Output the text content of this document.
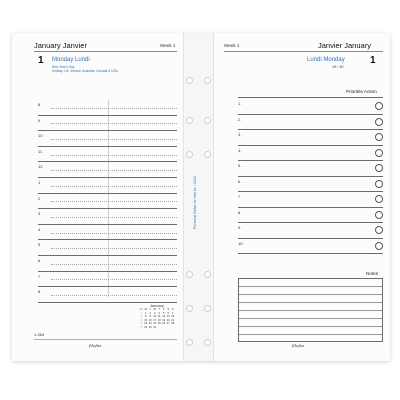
January Janvier	Week 1
1 Monday Lundi
New Year's Day
Holiday: UK, Ireland, Australia, Canada & USA
8
9
10
11
12
1
2
3
4
5
6
7
8
January
Wk M	T W T	F	S	S
1	1	2	3	4	5	6	7
2	8	9 10 11 12 13 14
3 15 16 17 18 19 20 21
4 22 23 24 25 26 27 28
5 29 30 31
1-364
filofax
Personal filofax for interior / 2023
Week 1	Janvier January
Lundi Monday	1
1K / 1K
Priorités Action
1.
2.
3.
4.
5.
6.
7.
8.
9.
10.
Notes
filofax
